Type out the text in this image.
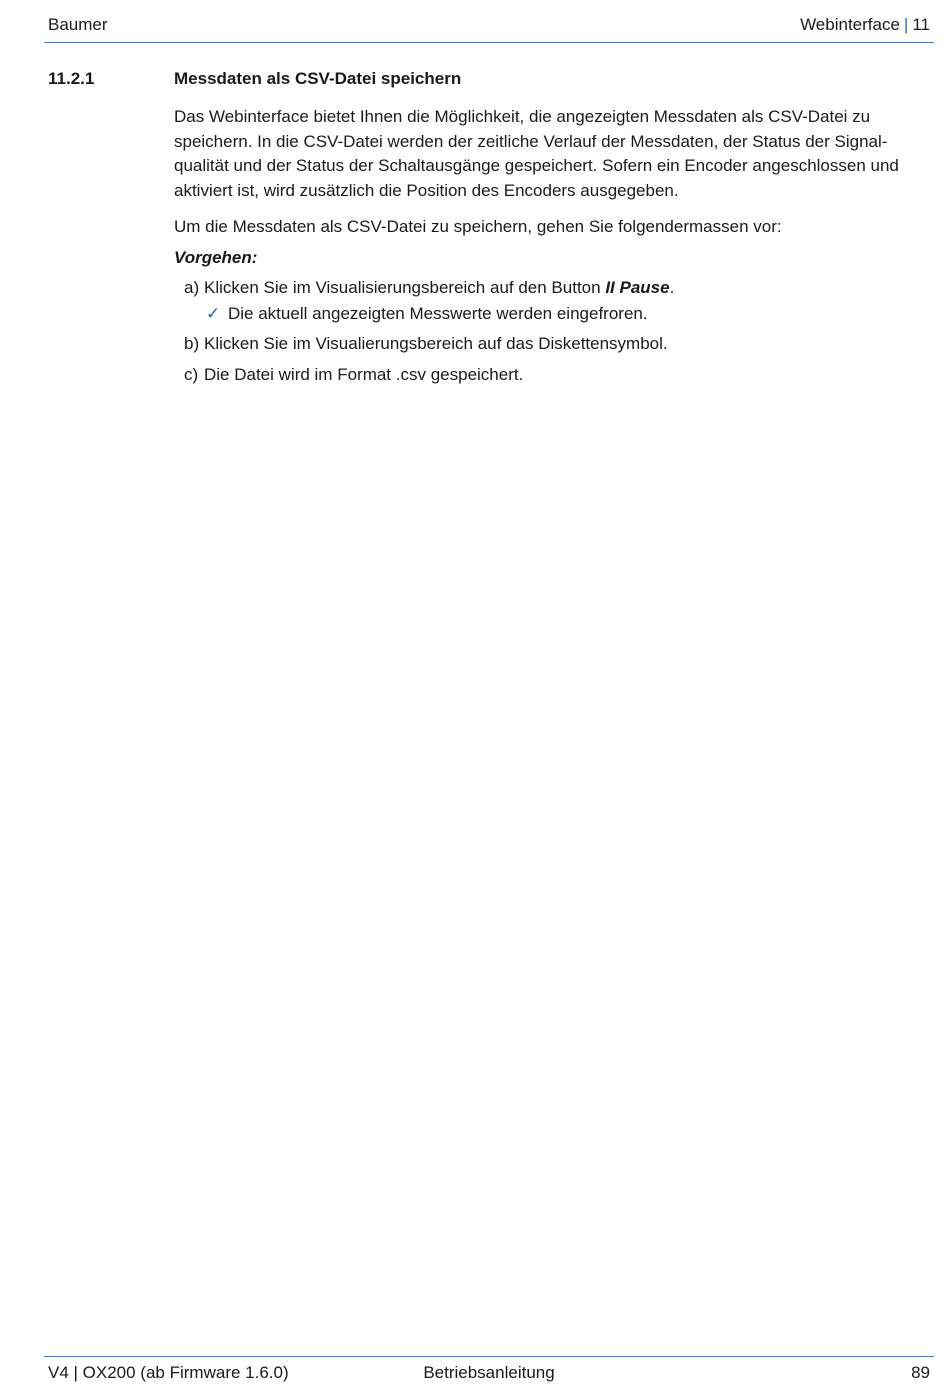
Baumer	Webinterface | 11
11.2.1	Messdaten als CSV-Datei speichern

Das Webinterface bietet Ihnen die Möglichkeit, die angezeigten Messdaten als CSV-Datei zu speichern. In die CSV-Datei werden der zeitliche Verlauf der Messdaten, der Status der Signal-qualität und der Status der Schaltausgänge gespeichert. Sofern ein Encoder angeschlossen und aktiviert ist, wird zusätzlich die Position des Encoders ausgegeben.

Um die Messdaten als CSV-Datei zu speichern, gehen Sie folgendermassen vor:

Vorgehen:
a) Klicken Sie im Visualisierungsbereich auf den Button II Pause.
✓ Die aktuell angezeigten Messwerte werden eingefroren.
b) Klicken Sie im Visualierungsbereich auf das Diskettensymbol.
c) Die Datei wird im Format .csv gespeichert.
V4 | OX200 (ab Firmware 1.6.0)	Betriebsanleitung	89
